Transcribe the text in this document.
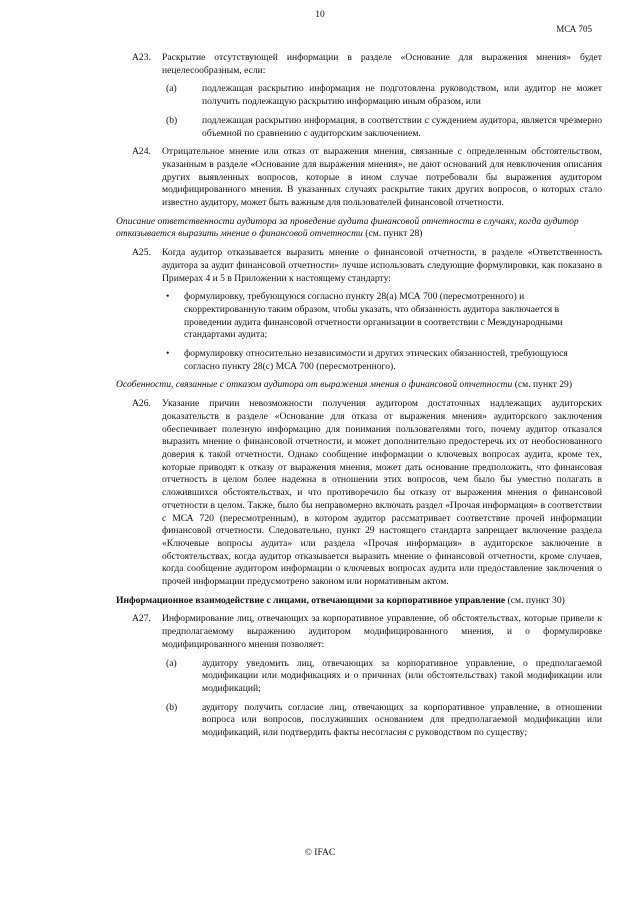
10
МСА 705
A23. Раскрытие отсутствующей информации в разделе «Основание для выражения мнения» будет нецелесообразным, если:
(a)	подлежащая раскрытию информация не подготовлена руководством, или аудитор не может получить подлежащую раскрытию информацию иным образом, или
(b)	подлежащая раскрытию информация, в соответствии с суждением аудитора, является чрезмерно объемной по сравнению с аудиторским заключением.
A24. Отрицательное мнение или отказ от выражения мнения, связанные с определенным обстоятельством, указанным в разделе «Основание для выражения мнения», не дают оснований для невключения описания других выявленных вопросов, которые в ином случае потребовали бы выражения аудитором модифицированного мнения. В указанных случаях раскрытие таких других вопросов, о которых стало известно аудитору, может быть важным для пользователей финансовой отчетности.
Описание ответственности аудитора за проведение аудита финансовой отчетности в случаях, когда аудитор отказывается выразить мнение о финансовой отчетности (см. пункт 28)
A25. Когда аудитор отказывается выразить мнение о финансовой отчетности, в разделе «Ответственность аудитора за аудит финансовой отчетности» лучше использовать следующие формулировки, как показано в Примерах 4 и 5 в Приложении к настоящему стандарту:
• формулировку, требующуюся согласно пункту 28(a) МСА 700 (пересмотренного) и скорректированную таким образом, чтобы указать, что обязанность аудитора заключается в проведении аудита финансовой отчетности организации в соответствии с Международными стандартами аудита;
• формулировку относительно независимости и других этических обязанностей, требующуюся согласно пункту 28(c) МСА 700 (пересмотренного).
Особенности, связанные с отказом аудитора от выражения мнения о финансовой отчетности (см. пункт 29)
A26. Указание причин невозможности получения аудитором достаточных надлежащих аудиторских доказательств в разделе «Основание для отказа от выражения мнения» аудиторского заключения обеспечивает полезную информацию для понимания пользователями того, почему аудитор отказался выразить мнение о финансовой отчетности, и может дополнительно предостеречь их от необоснованного доверия к такой отчетности. Однако сообщение информации о ключевых вопросах аудита, кроме тех, которые приводят к отказу от выражения мнения, может дать основание предположить, что финансовая отчетность в целом более надежна в отношении этих вопросов, чем было бы уместно полагать в сложившихся обстоятельствах, и что противоречило бы отказу от выражения мнения о финансовой отчетности в целом. Также, было бы неправомерно включать раздел «Прочая информация» в соответствии с МСА 720 (пересмотренным), в котором аудитор рассматривает соответствие прочей информации финансовой отчетности. Следовательно, пункт 29 настоящего стандарта запрещает включение раздела «Ключевые вопросы аудита» или раздела «Прочая информация» в аудиторское заключение в обстоятельствах, когда аудитор отказывается выразить мнение о финансовой отчетности, кроме случаев, когда сообщение аудитором информации о ключевых вопросах аудита или предоставление заключения о прочей информации предусмотрено законом или нормативным актом.
Информационное взаимодействие с лицами, отвечающими за корпоративное управление (см. пункт 30)
A27. Информирование лиц, отвечающих за корпоративное управление, об обстоятельствах, которые привели к предполагаемому выражению аудитором модифицированного мнения, и о формулировке модифицированного мнения позволяет:
(a)	аудитору уведомить лиц, отвечающих за корпоративное управление, о предполагаемой модификации или модификациях и о причинах (или обстоятельствах) такой модификации или модификаций;
(b)	аудитору получить согласие лиц, отвечающих за корпоративное управление, в отношении вопроса или вопросов, послуживших основанием для предполагаемой модификации или модификаций, или подтвердить факты несогласия с руководством по существу;
© IFAC
